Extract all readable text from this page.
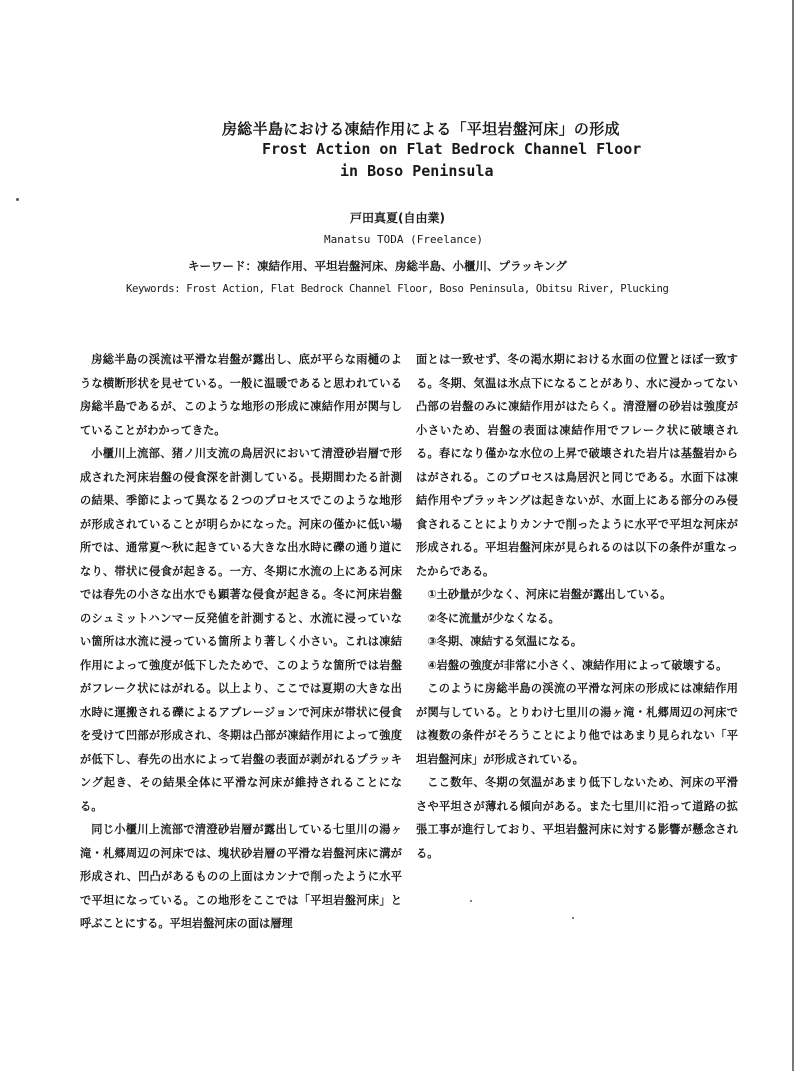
房総半島における凍結作用による「平坦岩盤河床」の形成
Frost Action on Flat Bedrock Channel Floor
in Boso Peninsula
戸田真夏(自由業)
Manatsu TODA (Freelance)
キーワード：凍結作用、平坦岩盤河床、房総半島、小櫃川、プラッキング
Keywords: Frost Action, Flat Bedrock Channel Floor, Boso Peninsula, Obitsu River, Plucking

房総半島の渓流は平滑な岩盤が露出し、底が平らな雨樋のような横断形状を見せている。一般に温暖であると思われている房総半島であるが、このような地形の形成に凍結作用が関与していることがわかってきた。

小櫃川上流部、猪ノ川支流の鳥居沢において清澄砂岩層で形成された河床岩盤の侵食深を計測している。長期間わたる計測の結果、季節によって異なる２つのプロセスでこのような地形が形成されていることが明らかになった。河床の僅かに低い場所では、通常夏～秋に起きている大きな出水時に礫の通り道になり、帯状に侵食が起きる。一方、冬期に水流の上にある河床では春先の小さな出水でも顕著な侵食が起きる。冬に河床岩盤のシュミットハンマー反発値を計測すると、水流に浸っていない箇所は水流に浸っている箇所より著しく小さい。これは凍結作用によって強度が低下したためで、このような箇所では岩盤がフレーク状にはがれる。以上より、ここでは夏期の大きな出水時に運搬される礫によるアブレージョンで河床が帯状に侵食を受けて凹部が形成され、冬期は凸部が凍結作用によって強度が低下し、春先の出水によって岩盤の表面が剥がれるプラッキング起き、その結果全体に平滑な河床が維持されることになる。

同じ小櫃川上流部で清澄砂岩層が露出している七里川の湯ヶ滝・札郷周辺の河床では、塊状砂岩層の平滑な岩盤河床に溝が形成され、凹凸があるものの上面はカンナで削ったように水平で平坦になっている。この地形をここでは「平坦岩盤河床」と呼ぶことにする。平坦岩盤河床の面は層理

面とは一致せず、冬の渇水期における水面の位置とほぼ一致する。冬期、気温は氷点下になることがあり、水に浸かってない凸部の岩盤のみに凍結作用がはたらく。清澄層の砂岩は強度が小さいため、岩盤の表面は凍結作用でフレーク状に破壊される。春になり僅かな水位の上昇で破壊された岩片は基盤岩からはがされる。このプロセスは鳥居沢と同じである。水面下は凍結作用やプラッキングは起きないが、水面上にある部分のみ侵食されることによりカンナで削ったように水平で平坦な河床が形成される。平坦岩盤河床が見られるのは以下の条件が重なったからである。

①土砂量が少なく、河床に岩盤が露出している。

②冬に流量が少なくなる。

③冬期、凍結する気温になる。

④岩盤の強度が非常に小さく、凍結作用によって破壊する。

このように房総半島の渓流の平滑な河床の形成には凍結作用が関与している。とりわけ七里川の湯ヶ滝・札郷周辺の河床では複数の条件がそろうことにより他ではあまり見られない「平坦岩盤河床」が形成されている。

ここ数年、冬期の気温があまり低下しないため、河床の平滑さや平坦さが薄れる傾向がある。また七里川に沿って道路の拡張工事が進行しており、平坦岩盤河床に対する影響が懸念される。
